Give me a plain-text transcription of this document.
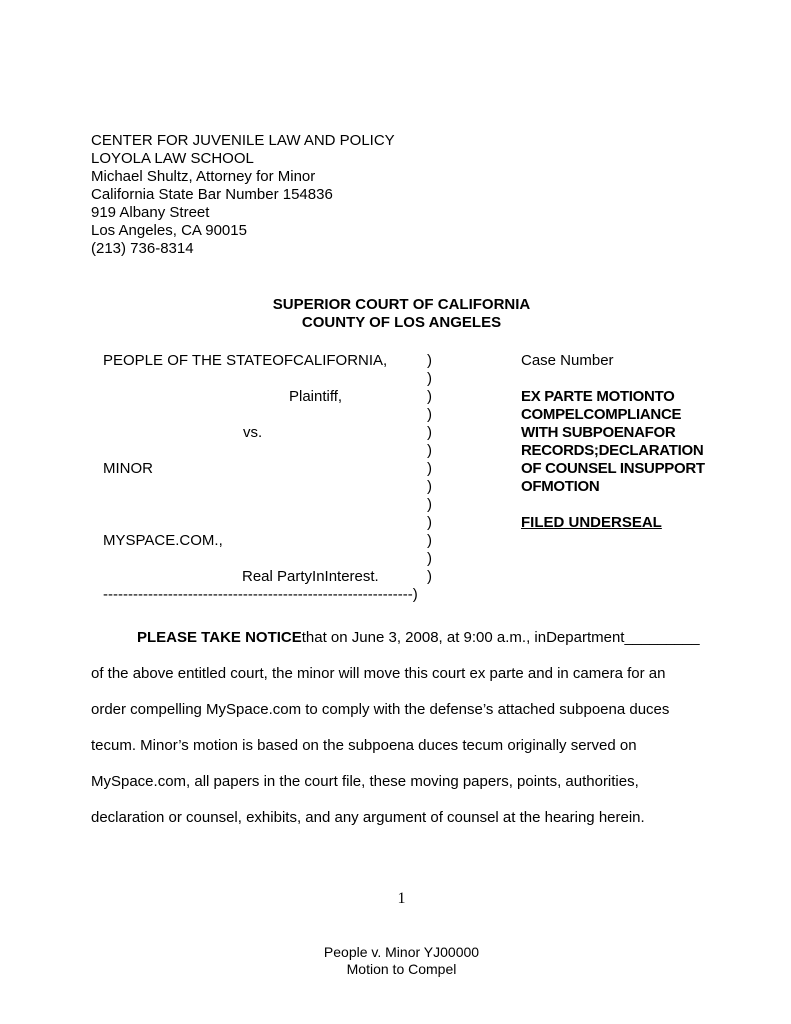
CENTER FOR JUVENILE LAW AND POLICY
LOYOLA LAW SCHOOL
Michael Shultz, Attorney for Minor
California State Bar Number 154836
919 Albany Street
Los Angeles, CA 90015
(213) 736-8314
SUPERIOR COURT OF CALIFORNIA
COUNTY OF LOS ANGELES
PEOPLE OF THE STATEOFCALIFORNIA,
Plaintiff,
vs.
MINOR
MYSPACE.COM.,
Real PartyInInterest.
)
)
)
)
)
)
)
)
)
)
)
)
)
Case Number
EX PARTE MOTIONTO
COMPELCOMPLIANCE
WITH SUBPOENAFOR
RECORDS;DECLARATION
OF COUNSEL INSUPPORT
OFMOTION
FILED UNDERSEAL
--------------------------------------------------------------)
PLEASE TAKE NOTICEthat on June 3, 2008, at 9:00 a.m., inDepartment_________
of the above entitled court, the minor will move this court ex parte and in camera for an
order compelling MySpace.com to comply with the defense’s attached subpoena duces
tecum. Minor’s motion is based on the subpoena duces tecum originally served on
MySpace.com, all papers in the court file, these moving papers, points, authorities,
declaration or counsel, exhibits, and any argument of counsel at the hearing herein.
1
People v. Minor YJ00000
Motion to Compel
